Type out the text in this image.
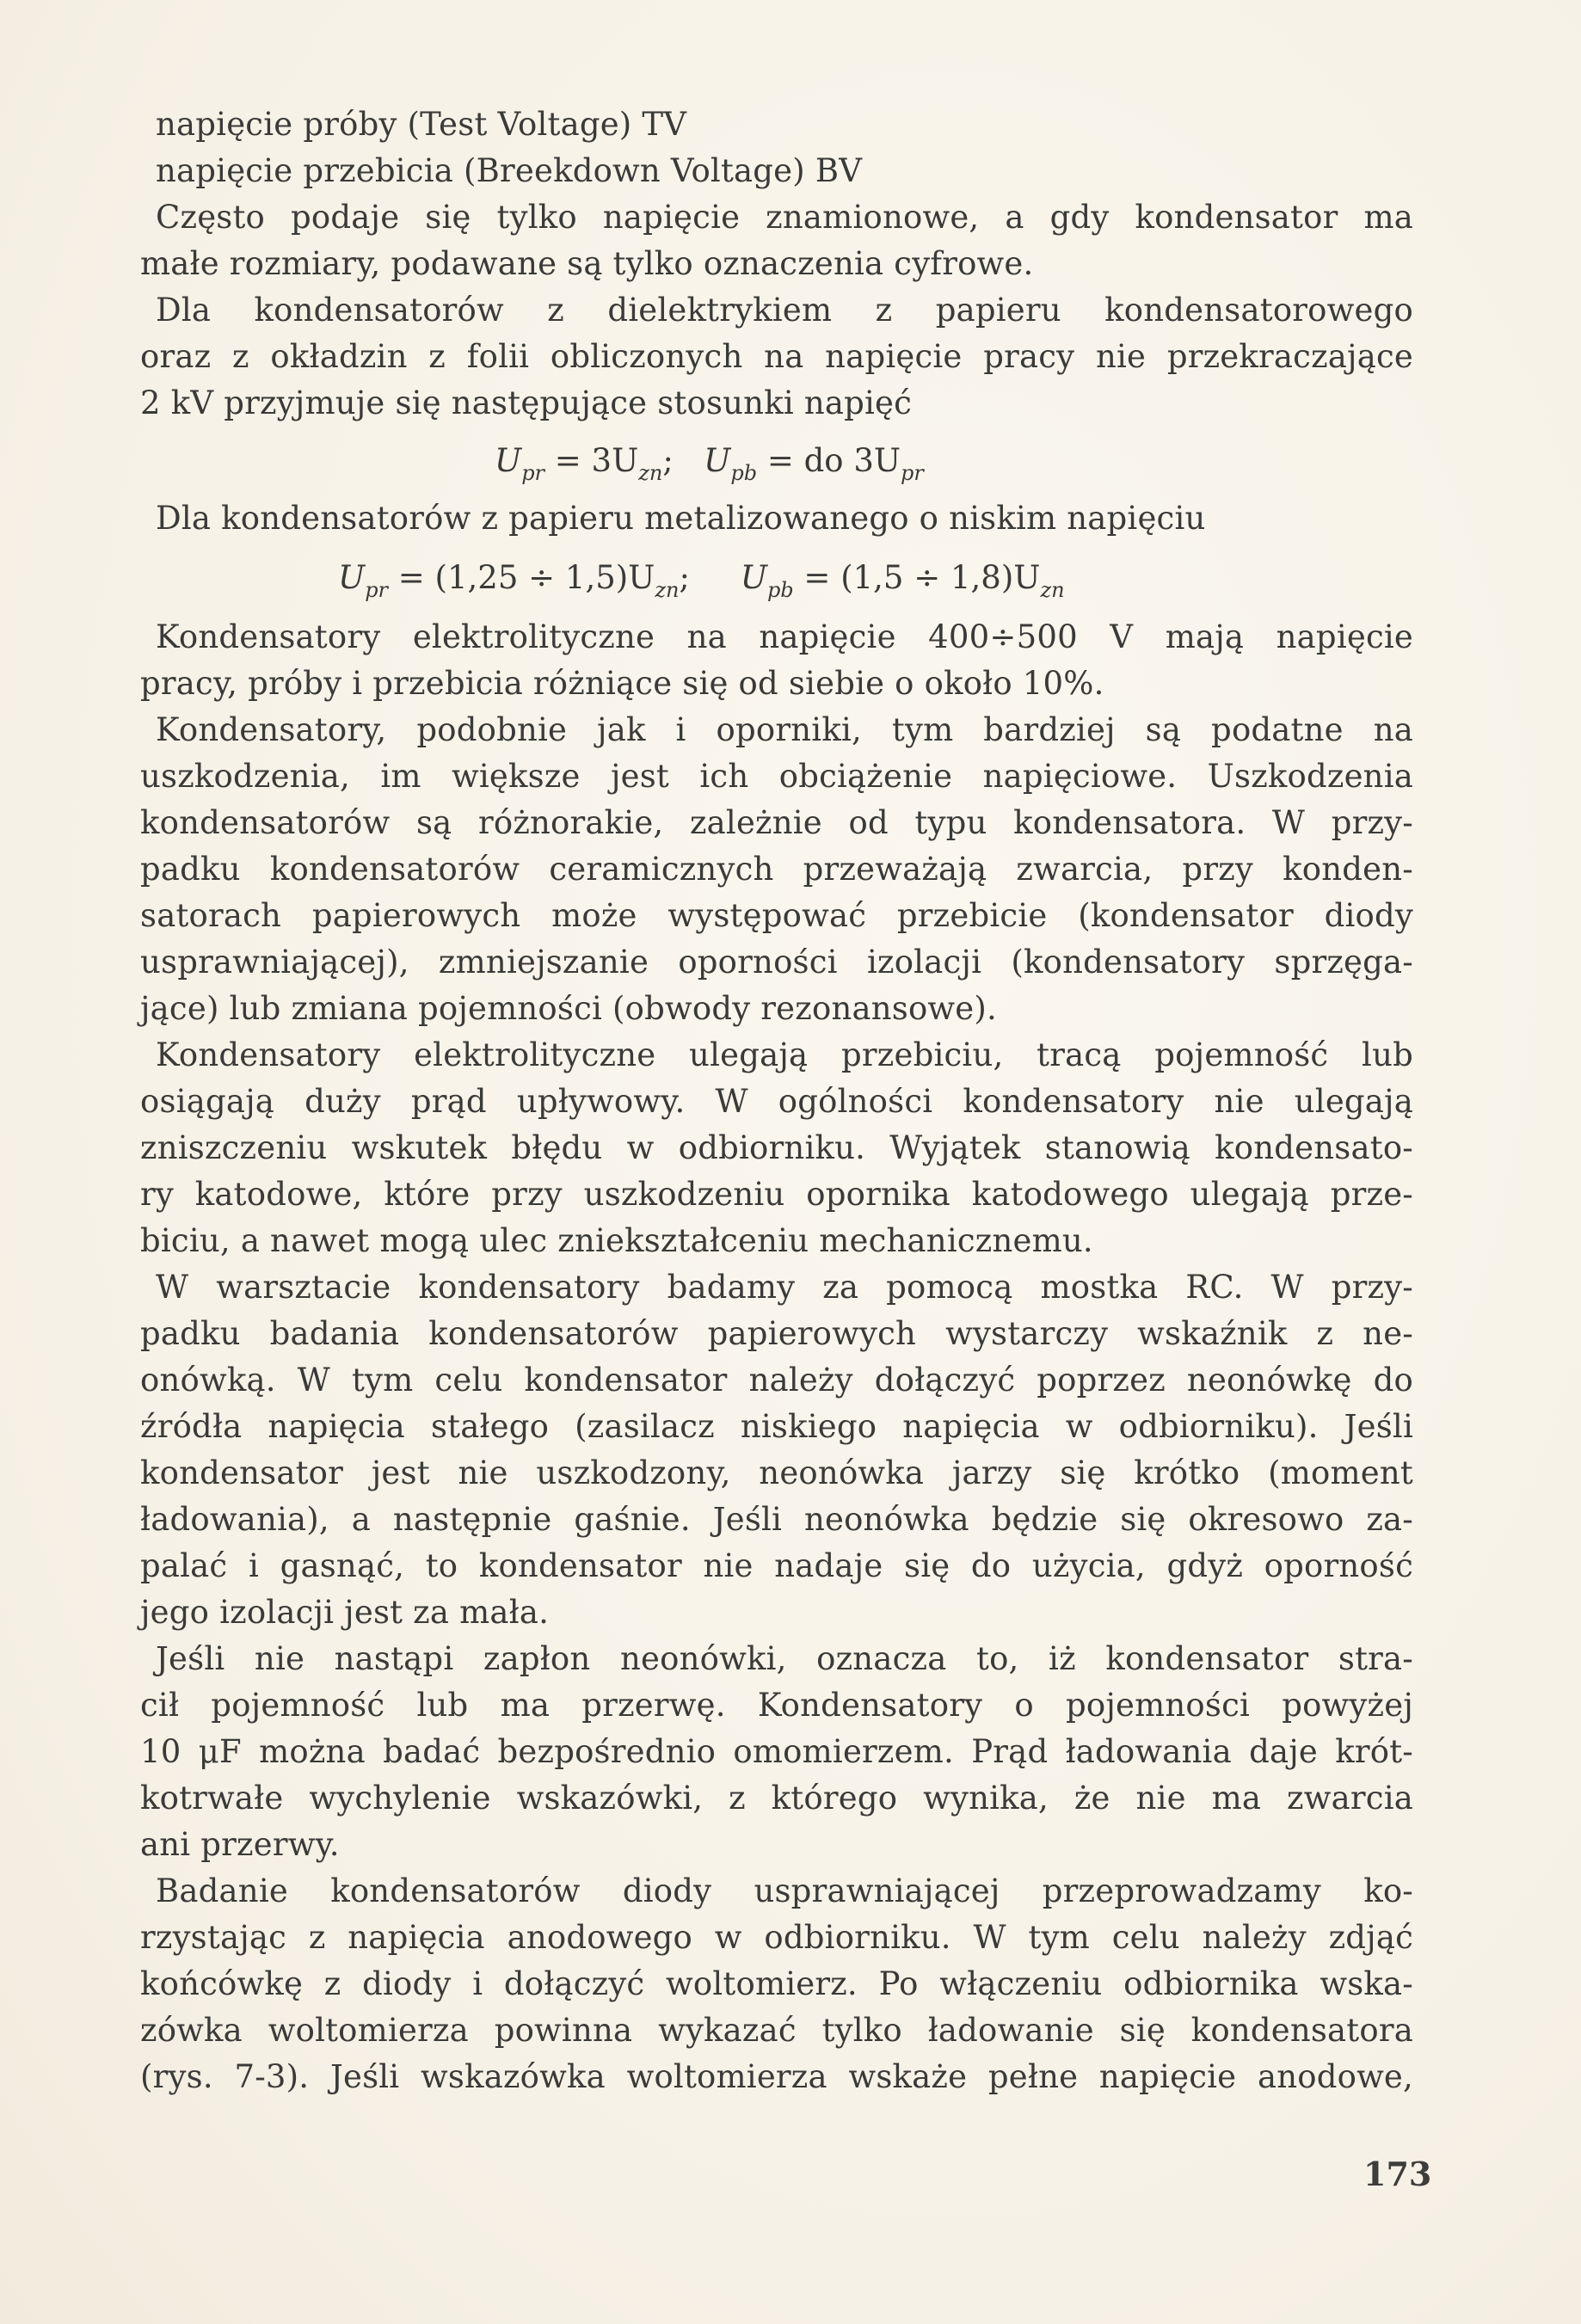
napięcie próby (Test Voltage) TV
napięcie przebicia (Breekdown Voltage) BV
Często podaje się tylko napięcie znamionowe, a gdy kondensator ma
małe rozmiary, podawane są tylko oznaczenia cyfrowe.
Dla kondensatorów z dielektrykiem z papieru kondensatorowego
oraz z okładzin z folii obliczonych na napięcie pracy nie przekraczające
2 kV przyjmuje się następujące stosunki napięć
$U_{pr} = 3U_{zn}$;   $U_{pb}$ = do $3U_{pr}$
Dla kondensatorów z papieru metalizowanego o niskim napięciu
$U_{pr} = (1,25 \div 1,5)U_{zn}$;     $U_{pb} = (1,5 \div 1,8)U_{zn}$
Kondensatory elektrolityczne na napięcie 400÷500 V mają napięcie
pracy, próby i przebicia różniące się od siebie o około 10%.
Kondensatory, podobnie jak i oporniki, tym bardziej są podatne na
uszkodzenia, im większe jest ich obciążenie napięciowe. Uszkodzenia
kondensatorów są różnorakie, zależnie od typu kondensatora. W przy-
padku kondensatorów ceramicznych przeważają zwarcia, przy konden-
satorach papierowych może występować przebicie (kondensator diody
usprawniającej), zmniejszanie oporności izolacji (kondensatory sprzęga-
jące) lub zmiana pojemności (obwody rezonansowe).
Kondensatory elektrolityczne ulegają przebiciu, tracą pojemność lub
osiągają duży prąd upływowy. W ogólności kondensatory nie ulegają
zniszczeniu wskutek błędu w odbiorniku. Wyjątek stanowią kondensato-
ry katodowe, które przy uszkodzeniu opornika katodowego ulegają prze-
biciu, a nawet mogą ulec zniekształceniu mechanicznemu.
W warsztacie kondensatory badamy za pomocą mostka RC. W przy-
padku badania kondensatorów papierowych wystarczy wskaźnik z ne-
onówką. W tym celu kondensator należy dołączyć poprzez neonówkę do
źródła napięcia stałego (zasilacz niskiego napięcia w odbiorniku). Jeśli
kondensator jest nie uszkodzony, neonówka jarzy się krótko (moment
ładowania), a następnie gaśnie. Jeśli neonówka będzie się okresowo za-
palać i gasnąć, to kondensator nie nadaje się do użycia, gdyż oporność
jego izolacji jest za mała.
Jeśli nie nastąpi zapłon neonówki, oznacza to, iż kondensator stra-
cił pojemność lub ma przerwę. Kondensatory o pojemności powyżej
10 μF można badać bezpośrednio omomierzem. Prąd ładowania daje krót-
kotrwałe wychylenie wskazówki, z którego wynika, że nie ma zwarcia
ani przerwy.
Badanie kondensatorów diody usprawniającej przeprowadzamy ko-
rzystając z napięcia anodowego w odbiorniku. W tym celu należy zdjąć
końcówkę z diody i dołączyć woltomierz. Po włączeniu odbiornika wska-
zówka woltomierza powinna wykazać tylko ładowanie się kondensatora
(rys. 7-3). Jeśli wskazówka woltomierza wskaże pełne napięcie anodowe,
173
